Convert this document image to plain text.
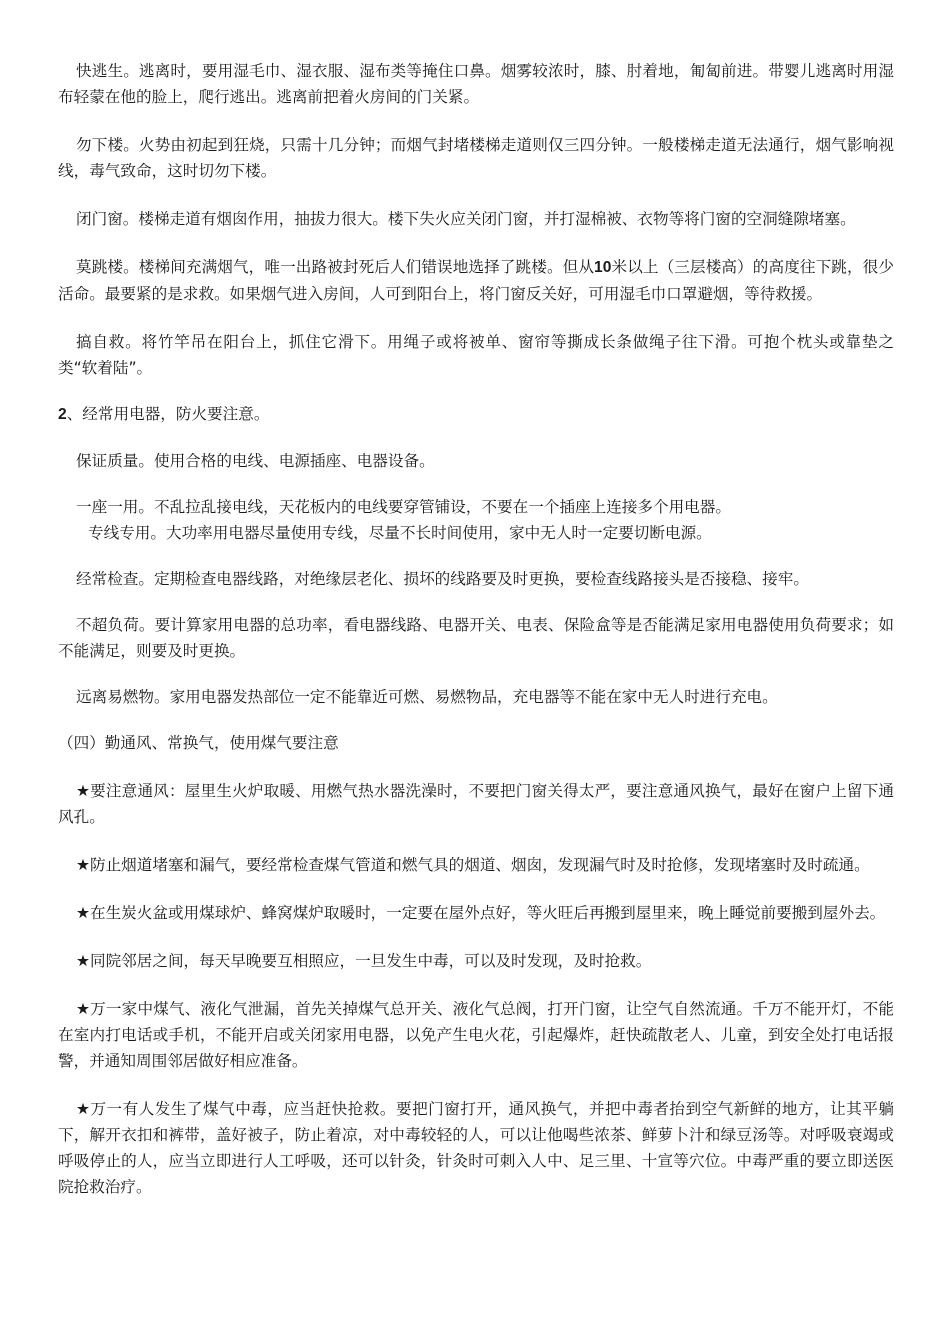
快逃生。逃离时，要用湿毛巾、湿衣服、湿布类等掩住口鼻。烟雾较浓时，膝、肘着地，匍匐前进。带婴儿逃离时用湿布轻蒙在他的脸上，爬行逃出。逃离前把着火房间的门关紧。

勿下楼。火势由初起到狂烧，只需十几分钟；而烟气封堵楼梯走道则仅三四分钟。一般楼梯走道无法通行，烟气影响视线，毒气致命，这时切勿下楼。

闭门窗。楼梯走道有烟囱作用，抽拔力很大。楼下失火应关闭门窗，并打湿棉被、衣物等将门窗的空洞缝隙堵塞。

莫跳楼。楼梯间充满烟气，唯一出路被封死后人们错误地选择了跳楼。但从10米以上（三层楼高）的高度往下跳，很少活命。最要紧的是求救。如果烟气进入房间，人可到阳台上，将门窗反关好，可用湿毛巾口罩避烟，等待救援。

搞自救。将竹竿吊在阳台上，抓住它滑下。用绳子或将被单、窗帘等撕成长条做绳子往下滑。可抱个枕头或靠垫之类“软着陆”。

2、经常用电器，防火要注意。

保证质量。使用合格的电线、电源插座、电器设备。

一座一用。不乱拉乱接电线，天花板内的电线要穿管铺设，不要在一个插座上连接多个用电器。

专线专用。大功率用电器尽量使用专线，尽量不长时间使用，家中无人时一定要切断电源。

经常检查。定期检查电器线路，对绝缘层老化、损坏的线路要及时更换，要检查线路接头是否接稳、接牢。

不超负荷。要计算家用电器的总功率，看电器线路、电器开关、电表、保险盒等是否能满足家用电器使用负荷要求；如不能满足，则要及时更换。

远离易燃物。家用电器发热部位一定不能靠近可燃、易燃物品，充电器等不能在家中无人时进行充电。

（四）勤通风、常换气，使用煤气要注意

★要注意通风：屋里生火炉取暖、用燃气热水器洗澡时，不要把门窗关得太严，要注意通风换气，最好在窗户上留下通风孔。

★防止烟道堵塞和漏气，要经常检查煤气管道和燃气具的烟道、烟囱，发现漏气时及时抢修，发现堵塞时及时疏通。

★在生炭火盆或用煤球炉、蜂窝煤炉取暖时，一定要在屋外点好，等火旺后再搬到屋里来，晚上睡觉前要搬到屋外去。

★同院邻居之间，每天早晚要互相照应，一旦发生中毒，可以及时发现，及时抢救。

★万一家中煤气、液化气泄漏，首先关掉煤气总开关、液化气总阀，打开门窗，让空气自然流通。千万不能开灯，不能在室内打电话或手机，不能开启或关闭家用电器，以免产生电火花，引起爆炸，赶快疏散老人、儿童，到安全处打电话报警，并通知周围邻居做好相应准备。

★万一有人发生了煤气中毒，应当赶快抢救。要把门窗打开，通风换气，并把中毒者抬到空气新鲜的地方，让其平躺下，解开衣扣和裤带，盖好被子，防止着凉，对中毒较轻的人，可以让他喝些浓茶、鲜萝卜汁和绿豆汤等。对呼吸衰竭或呼吸停止的人，应当立即进行人工呼吸，还可以针灸，针灸时可刺入人中、足三里、十宣等穴位。中毒严重的要立即送医院抢救治疗。
